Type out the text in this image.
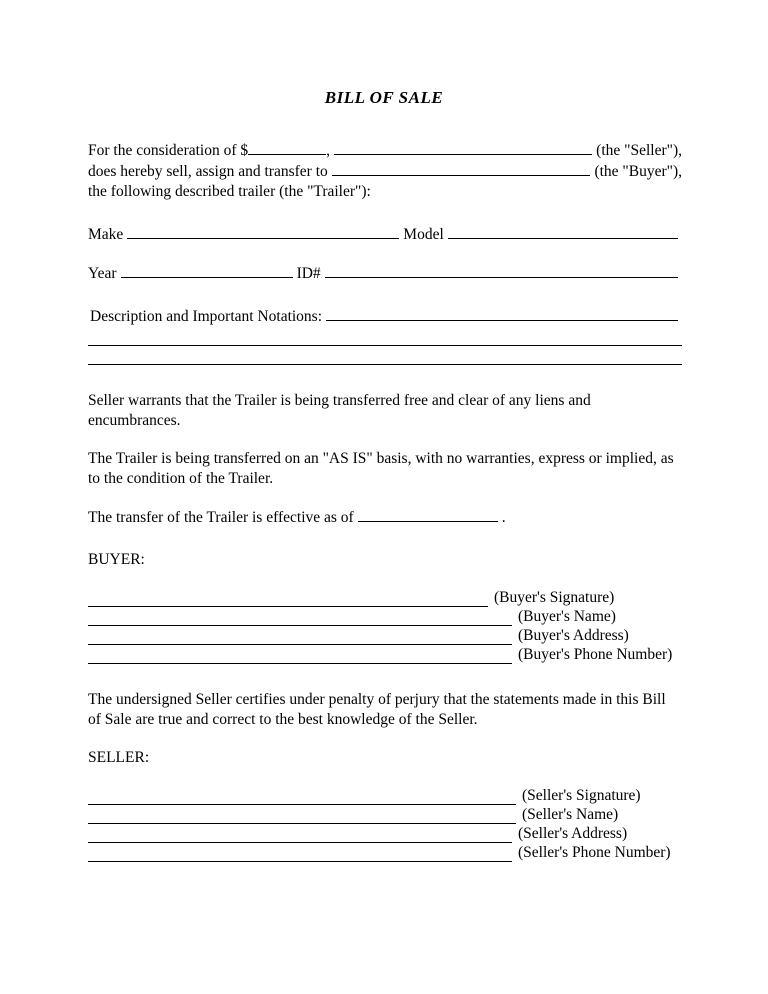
BILL OF SALE
For the consideration of $	,	(the "Seller"),
does hereby sell, assign and transfer to	(the "Buyer"),
the following described trailer (the "Trailer"):
Make	Model
Year	ID#
Description and Important Notations:
Seller warrants that the Trailer is being transferred free and clear of any liens and encumbrances.
The Trailer is being transferred on an "AS IS" basis, with no warranties, express or implied, as to the condition of the Trailer.
The transfer of the Trailer is effective as of	.
BUYER:
(Buyer's Signature)
(Buyer's Name)
(Buyer's Address)
(Buyer's Phone Number)
The undersigned Seller certifies under penalty of perjury that the statements made in this Bill of Sale are true and correct to the best knowledge of the Seller.
SELLER:
(Seller's Signature)
(Seller's Name)
(Seller's Address)
(Seller's Phone Number)
